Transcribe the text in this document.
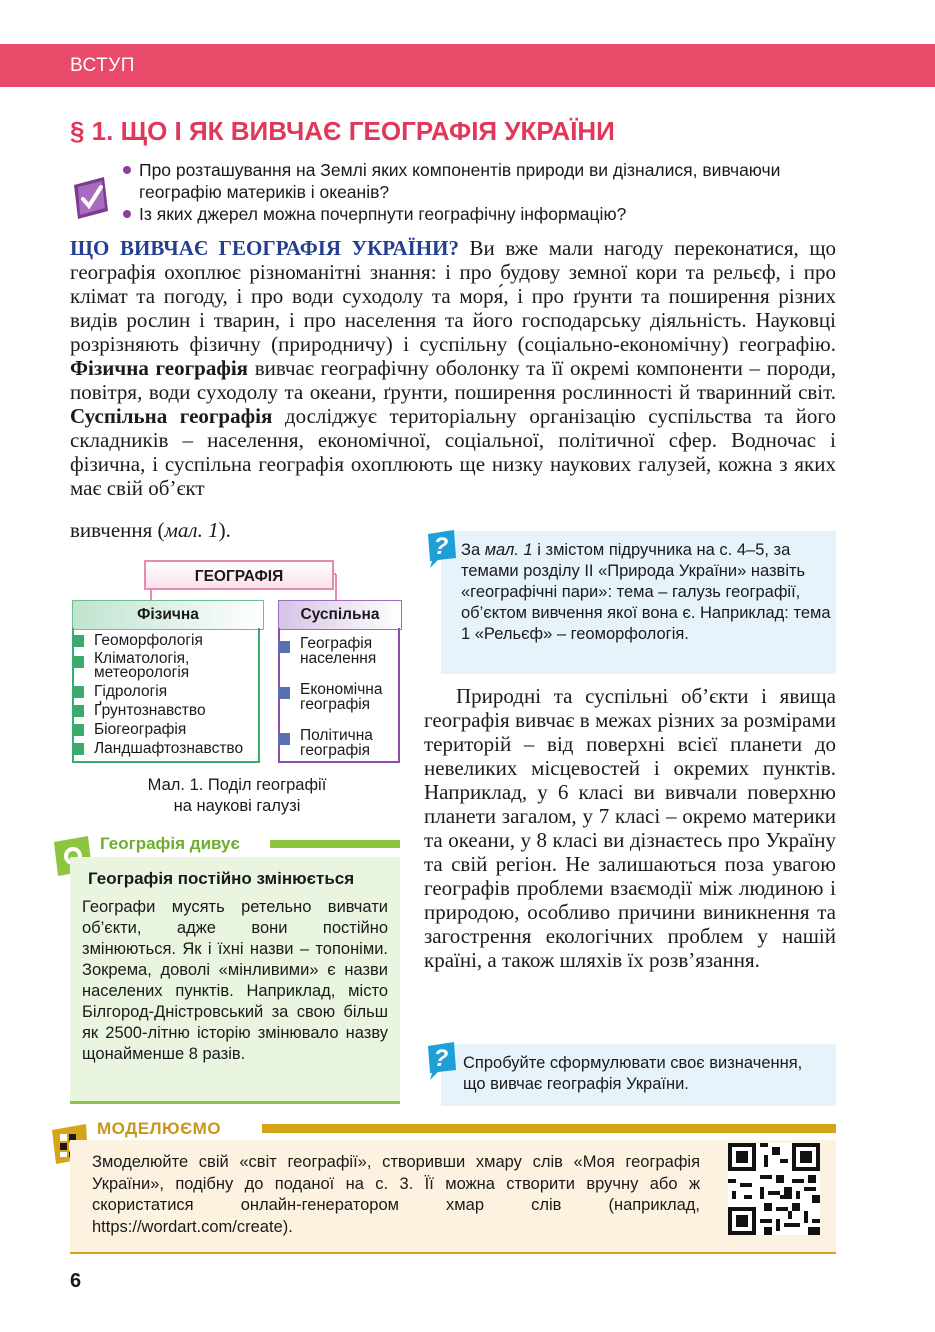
ВСТУП
§ 1. ЩО І ЯК ВИВЧАЄ ГЕОГРАФІЯ УКРАЇНИ
Про розташування на Землі яких компонентів природи ви дізналися, вивчаючи географію материків і океанів?
Із яких джерел можна почерпнути географічну інформацію?
ЩО ВИВЧАЄ ГЕОГРАФІЯ УКРАЇНИ? Ви вже мали нагоду переконатися, що географія охоплює різноманітні знання: і про будову земної кори та рельєф, і про клімат та погоду, і про води суходолу та моря́, і про ґрунти та поширення різних видів рослин і тварин, і про населення та його господарську діяльність. Науковці розрізняють фізичну (природничу) і суспільну (соціально-економічну) географію. Фізична географія вивчає географічну оболонку та її окремі компоненти – породи, повітря, води суходолу та океани, ґрунти, поширення рослинності й тваринний світ. Суспільна географія досліджує територіальну організацію суспільства та його складників – населення, економічної, соціальної, політичної сфер. Водночас і фізична, і суспільна географія охоплюють ще низку наукових галузей, кожна з яких має свій об’єкт
вивчення (мал. 1).
За мал. 1 і змістом підручника на с. 4–5, за темами розділу ІІ «Природа України» назвіть «географічні пари»: тема – галузь географії, об’єктом вивчення якої вона є. Наприклад: тема 1 «Рельєф» – геоморфологія.
?
ГЕОГРАФІЯ
Фізична
Геоморфологія
Кліматологія, метеорологія
Гідрологія
Ґрунтознавство
Біогеографія
Ландшафтознавство
Суспільна
Географія населення
Економічна географія
Політична географія
Мал. 1. Поділ географії
на наукові галузі
Природні та суспільні об’єкти і явища географія вивчає в межах різних за розмірами територій – від поверхні всієї планети до невеликих місцевостей і окремих пунктів. Наприклад, у 6 класі ви вивчали поверхню планети загалом, у 7 класі – окремо материки та океани, у 8 класі ви дізнаєтесь про Україну та свій регіон. Не залишаються поза увагою географів проблеми взаємодії між людиною і природою, особливо причини виникнення та загострення екологічних проблем у нашій країні, а також шляхів їх розв’язання.
Географія дивує
Географія постійно змінюється
Географи мусять ретельно вивчати об’єкти, адже вони постійно змінюються. Як і їхні назви – топоніми. Зокрема, доволі «мінливими» є назви населених пунктів. Наприклад, місто Білгород-Дністровський за свою більш як 2500-літню історію змінювало назву щонайменше 8 разів.	Спробуйте сформулювати своє визначення, що вивчає географія України.
?
МОДЕЛЮЄМО
Змоделюйте свій «світ географії», створивши хмару слів «Моя географія України», подібну до поданої на с. 3. Її можна створити вручну або ж скористатися онлайн-генератором хмар слів (наприклад, https://wordart.com/create).
6
